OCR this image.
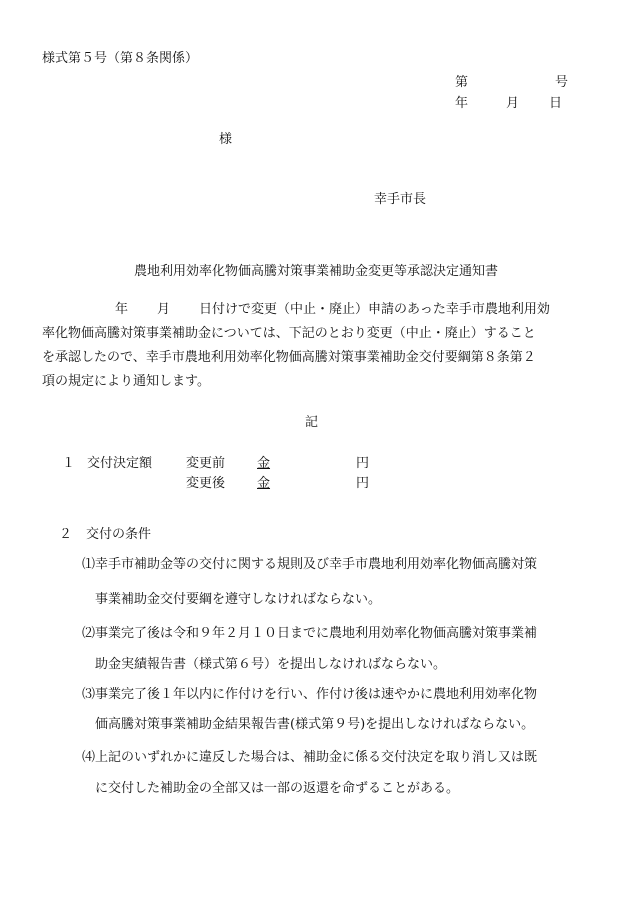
様式第５号（第８条関係）
第	号
年	月 日
様
幸手市長
農地利用効率化物価高騰対策事業補助金変更等承認決定通知書
年 月 日付けで変更（中止・廃止）申請のあった幸手市農地利用効
率化物価高騰対策事業補助金については、下記のとおり変更（中止・廃止）すること
を承認したので、幸手市農地利用効率化物価高騰対策事業補助金交付要綱第８条第２
項の規定により通知します。
記
１ 交付決定額	変更前 金	円
変更後 金	円
２ 交付の条件
⑴ 幸手市補助金等の交付に関する規則及び幸手市農地利用効率化物価高騰対策
事業補助金交付要綱を遵守しなければならない。
⑵ 事業完了後は令和９年２月１０日までに農地利用効率化物価高騰対策事業補
助金実績報告書（様式第６号）を提出しなければならない。
⑶ 事業完了後１年以内に作付けを行い、作付け後は速やかに農地利用効率化物
価高騰対策事業補助金結果報告書(様式第９号)を提出しなければならない。
⑷ 上記のいずれかに違反した場合は、補助金に係る交付決定を取り消し又は既
に交付した補助金の全部又は一部の返還を命ずることがある。
